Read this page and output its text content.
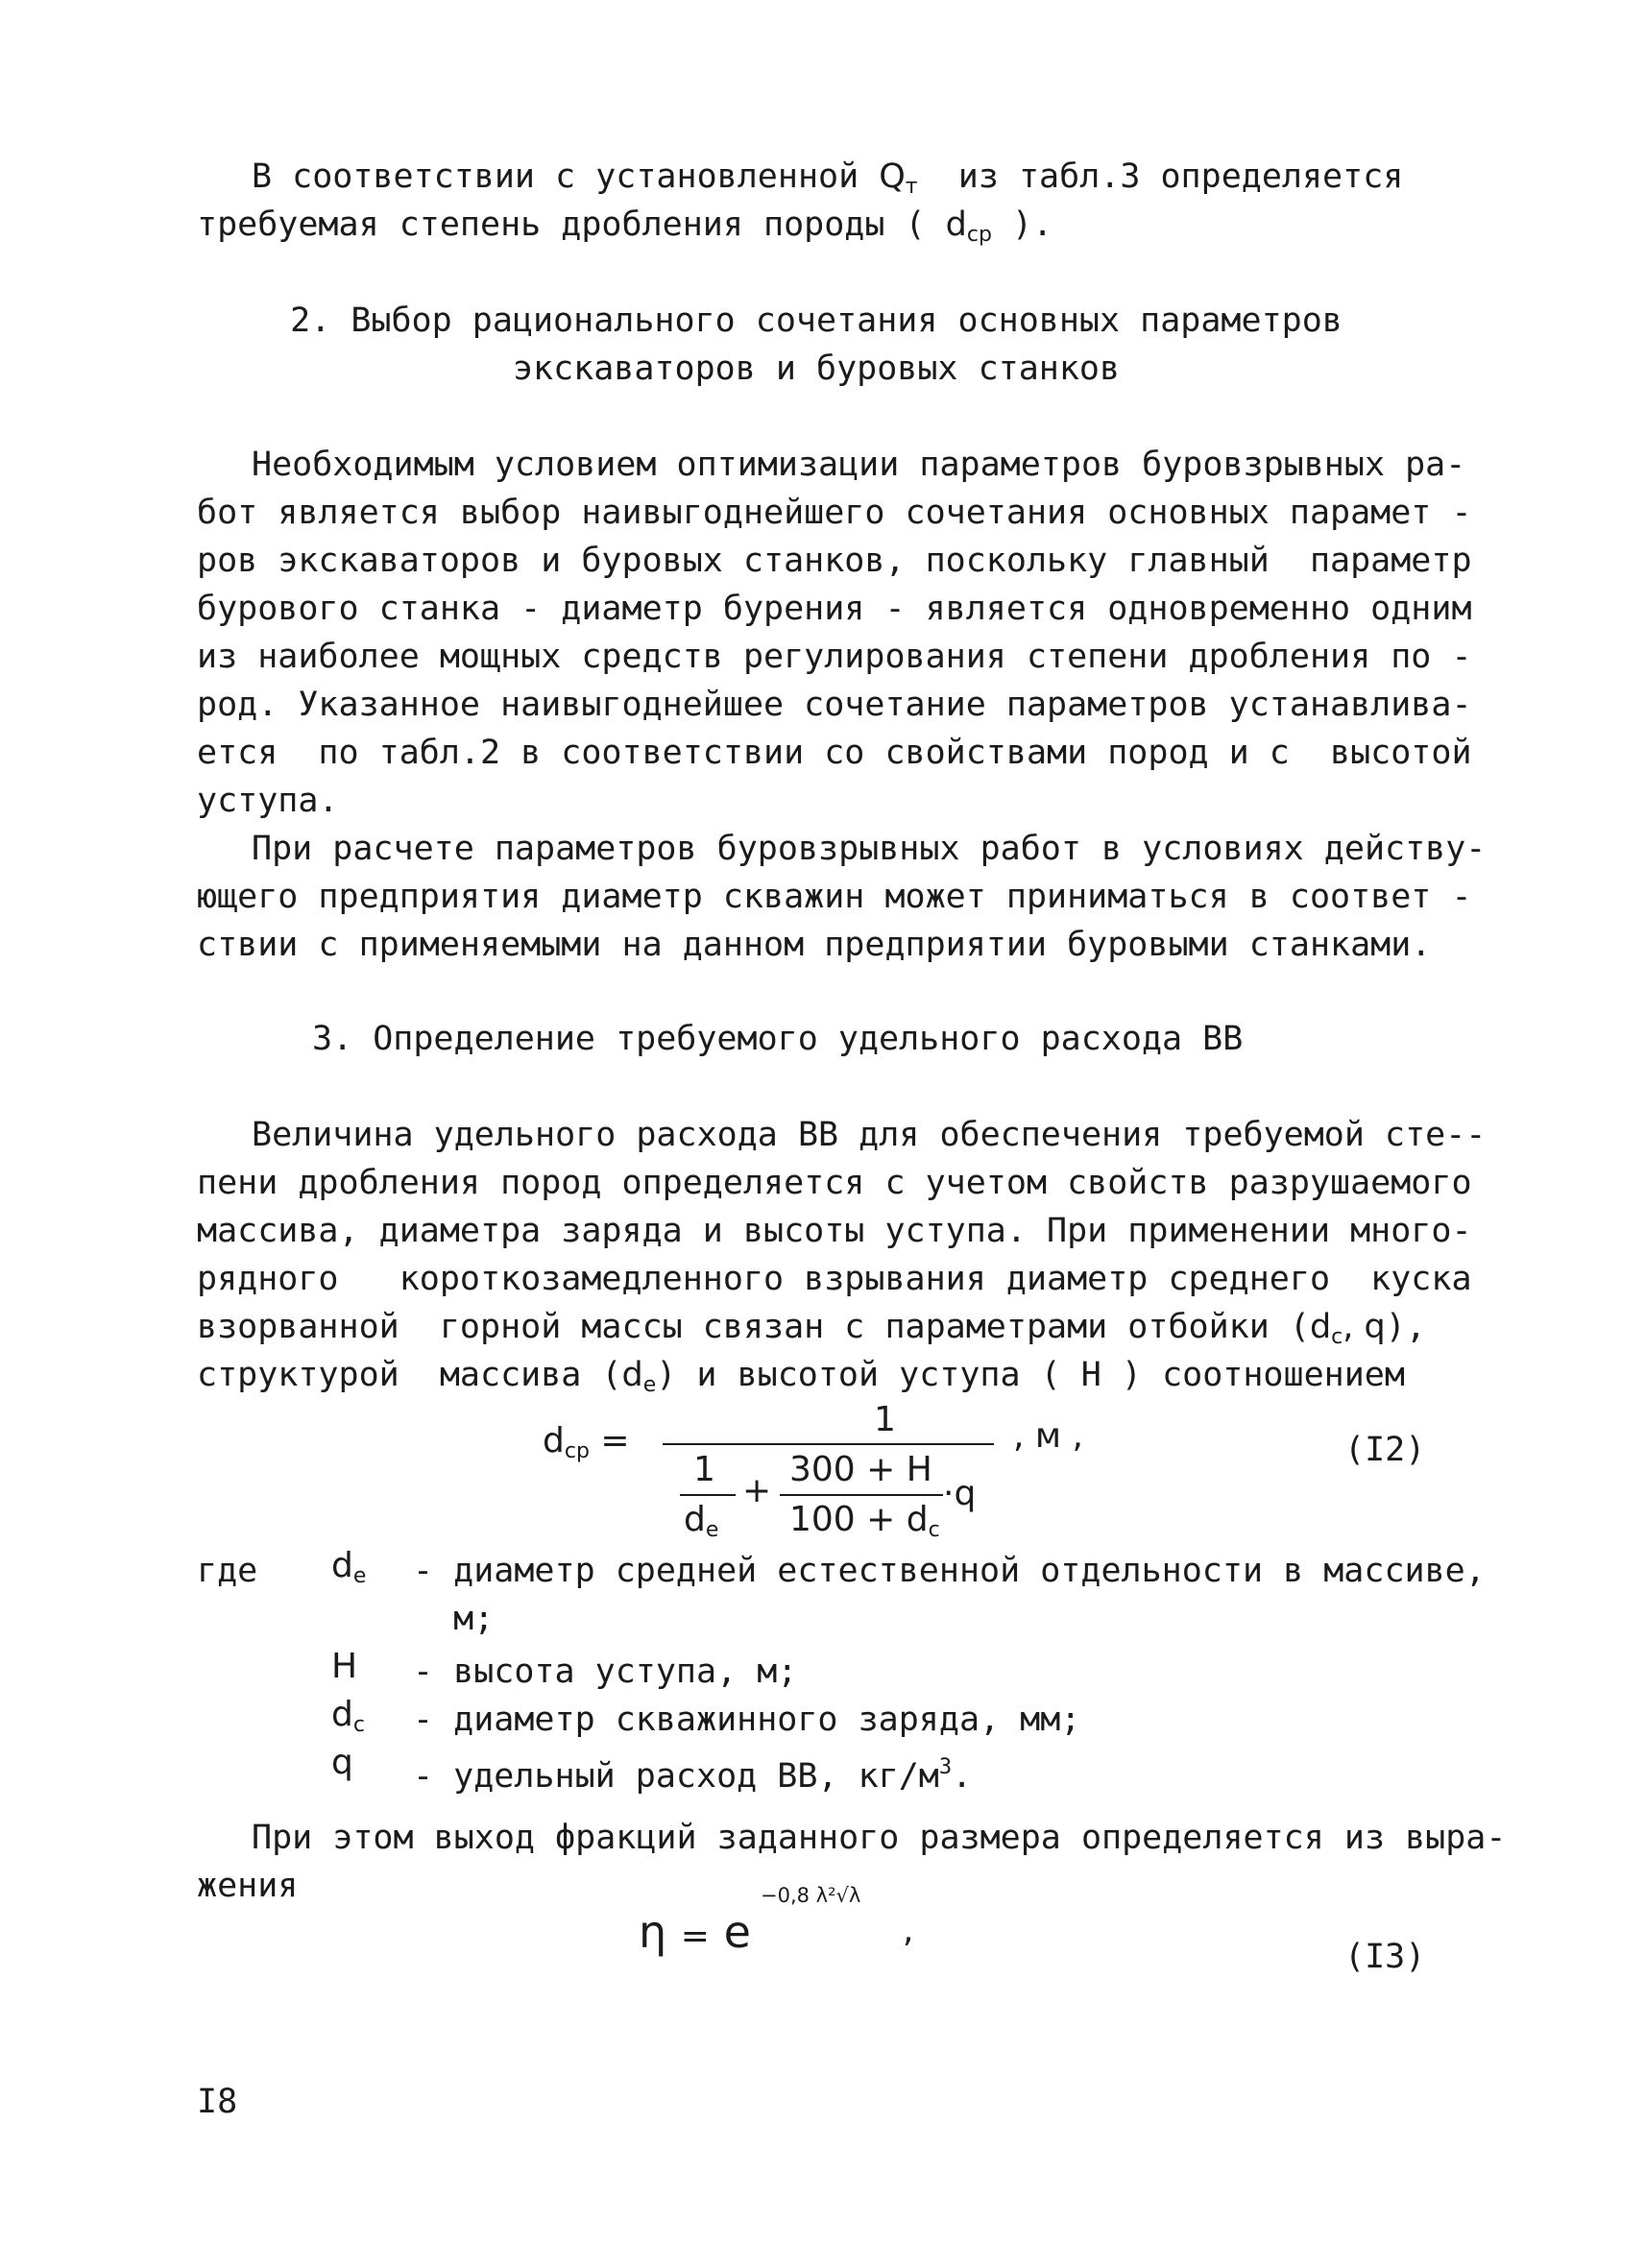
В соответствии с установленной $Q_т$  из табл.3 определяется
требуемая степень дробления породы ( $d_{ср}$ ).
2. Выбор рационального сочетания основных параметров
экскаваторов и буровых станков
Необходимым условием оптимизации параметров буровзрывных ра-
бот является выбор наивыгоднейшего сочетания основных парамет -
ров экскаваторов и буровых станков, поскольку главный  параметр
бурового станка - диаметр бурения - является одновременно одним
из наиболее мощных средств регулирования степени дробления по -
род. Указанное наивыгоднейшее сочетание параметров устанавлива-
ется  по табл.2 в соответствии со свойствами пород и с  высотой
уступа.
При расчете параметров буровзрывных работ в условиях действу-
ющего предприятия диаметр скважин может приниматься в соответ -
ствии с применяемыми на данном предприятии буровыми станками.
3. Определение требуемого удельного расхода ВВ
Величина удельного расхода ВВ для обеспечения требуемой сте--
пени дробления пород определяется с учетом свойств разрушаемого
массива, диаметра заряда и высоты уступа. При применении много-
рядного   короткозамедленного взрывания диаметр среднего  куска
взорванной  горной массы связан с параметрами отбойки ($d_c$, q),
структурой  массива $(d_e)$ и высотой уступа ( Н ) соотношением
$d_{ср}$ =
1	, м ,
1
$d_e$
+
300 + Н
$100 + d_c$
·q
(I2)
где $d_e$ - диаметр средней естественной отдельности в массиве,
м;
Н - высота уступа, м;
$d_c$ - диаметр скважинного заряда, мм;
q - удельный расход ВВ, $кг/м^3$.
При этом выход фракций заданного размера определяется из выра-
жения
η = e
−0,8 λ²√λ
,
(I3)
I8
